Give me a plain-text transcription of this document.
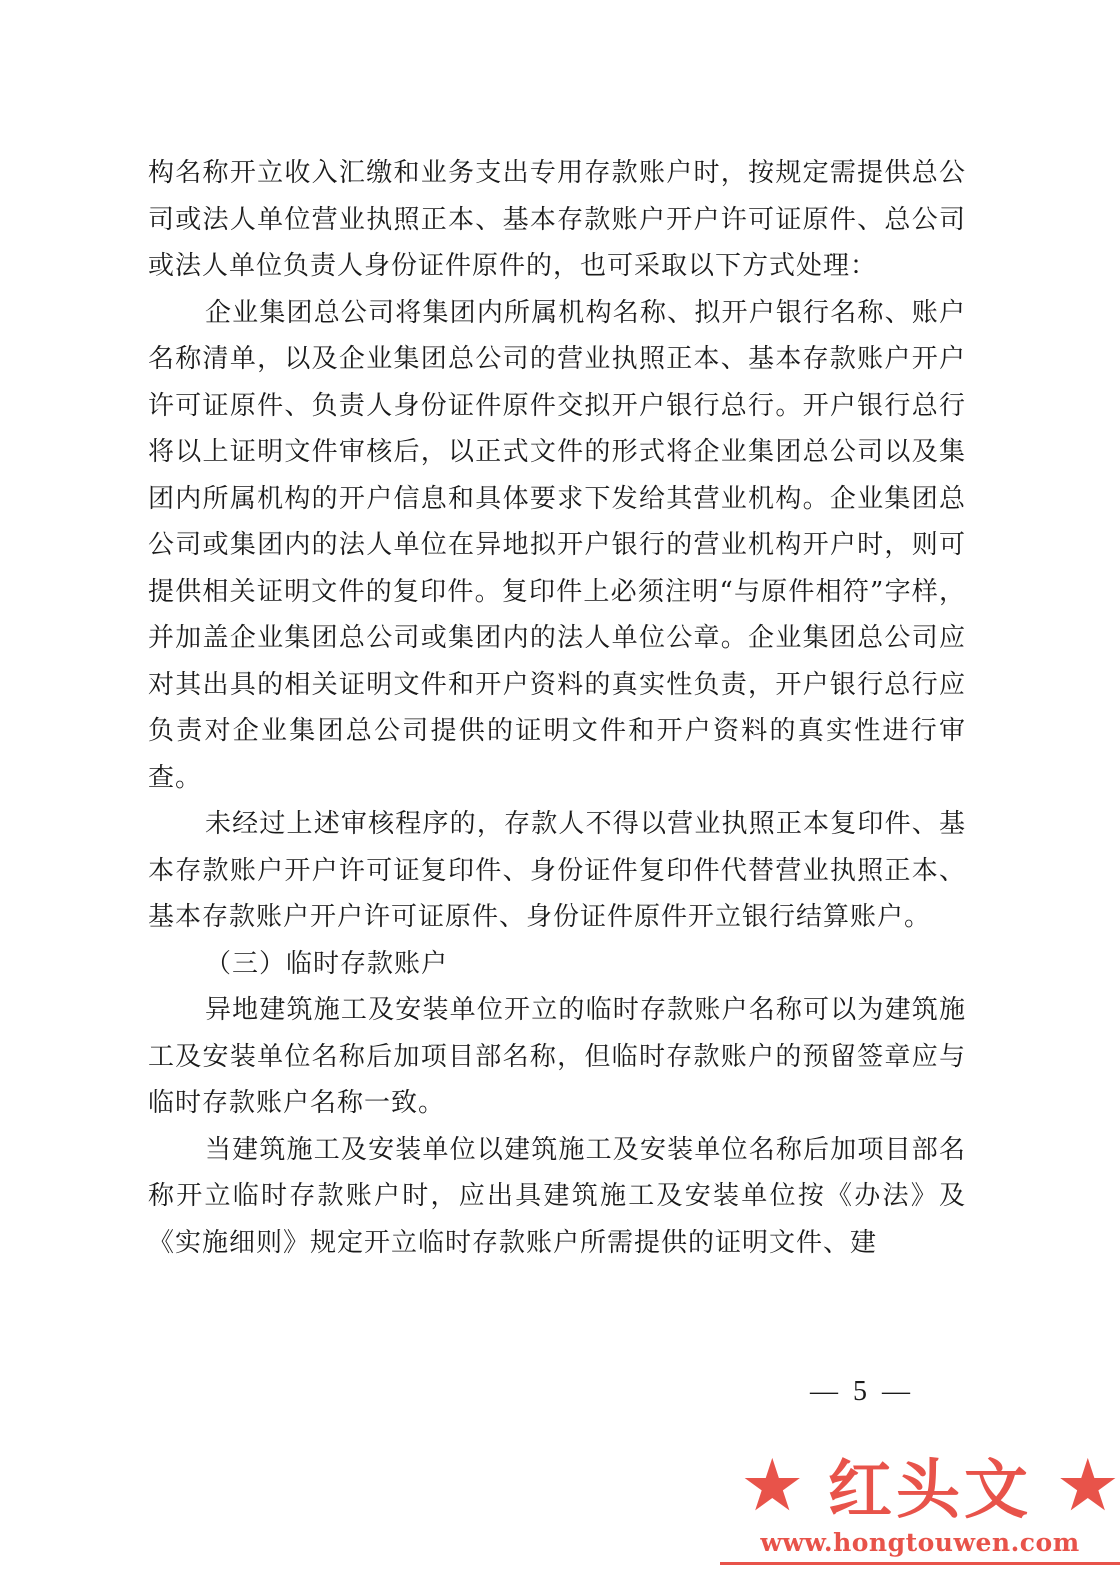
构名称开立收入汇缴和业务支出专用存款账户时，按规定需提供总公司或法人单位营业执照正本、基本存款账户开户许可证原件、总公司或法人单位负责人身份证件原件的，也可采取以下方式处理：

企业集团总公司将集团内所属机构名称、拟开户银行名称、账户名称清单，以及企业集团总公司的营业执照正本、基本存款账户开户许可证原件、负责人身份证件原件交拟开户银行总行。开户银行总行将以上证明文件审核后，以正式文件的形式将企业集团总公司以及集团内所属机构的开户信息和具体要求下发给其营业机构。企业集团总公司或集团内的法人单位在异地拟开户银行的营业机构开户时，则可提供相关证明文件的复印件。复印件上必须注明“与原件相符”字样，并加盖企业集团总公司或集团内的法人单位公章。企业集团总公司应对其出具的相关证明文件和开户资料的真实性负责，开户银行总行应负责对企业集团总公司提供的证明文件和开户资料的真实性进行审查。

未经过上述审核程序的，存款人不得以营业执照正本复印件、基本存款账户开户许可证复印件、身份证件复印件代替营业执照正本、基本存款账户开户许可证原件、身份证件原件开立银行结算账户。

（三）临时存款账户

异地建筑施工及安装单位开立的临时存款账户名称可以为建筑施工及安装单位名称后加项目部名称，但临时存款账户的预留签章应与临时存款账户名称一致。

当建筑施工及安装单位以建筑施工及安装单位名称后加项目部名称开立临时存款账户时，应出具建筑施工及安装单位按《办法》及《实施细则》规定开立临时存款账户所需提供的证明文件、建

— 5 —
★ 红头文 ★
www.hongtouwen.com
